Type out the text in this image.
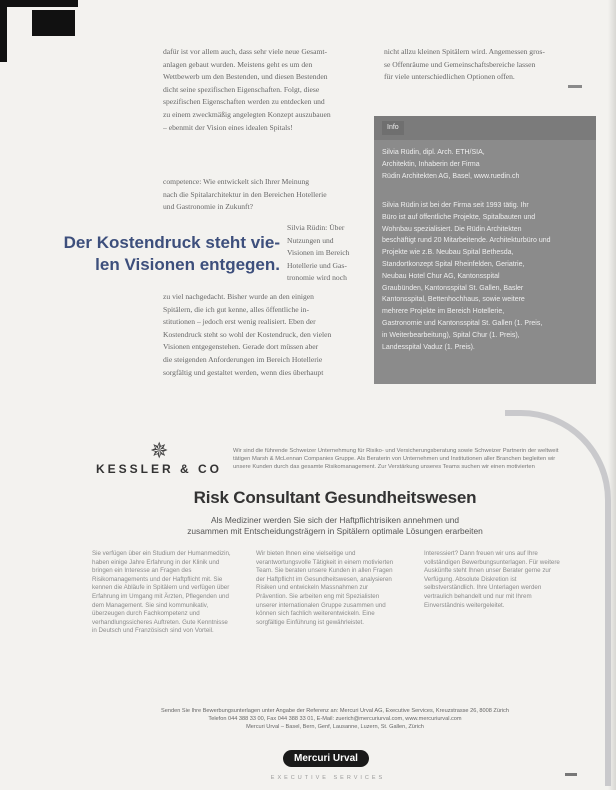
dafür ist vor allem auch, dass sehr viele neue Gesamt-
anlagen gebaut wurden. Meistens geht es um den
Wettbewerb um den Bestenden, und diesen Bestenden
dicht seine spezifischen Eigenschaften. Folgt, diese
spezifischen Eigenschaften werden zu entdecken und
zu einem zweckmäßig angelegten Konzept auszubauen
– ebenmit der Vision eines idealen Spitals!
competence: Wie entwickelt sich Ihrer Meinung
nach die Spitalarchitektur in den Bereichen Hotellerie
und Gastronomie in Zukunft?
Der Kostendruck steht vie-
len Visionen entgegen.
Silvia Rüdin: Über
Nutzungen und
Visionen im Bereich
Hotellerie und Gas-
tronomie wird noch
zu viel nachgedacht. Bisher wurde an den einigen
Spitälern, die ich gut kenne, alles öffentliche in-
stitutionen – jedoch erst wenig realisiert. Eben der
Kostendruck steht so wohl der Kostendruck, den vielen
Visionen entgegenstehen. Gerade dort müssen aber
die steigenden Anforderungen im Bereich Hotellerie
sorgfältig und gestaltet werden, wenn dies überhaupt
nicht allzu kleinen Spitälern wird. Angemessen gros-
se Offenräume und Gemeinschaftsbereiche lassen
für viele unterschiedlichen Optionen offen.
Info

Silvia Rüdin, dipl. Arch. ETH/SIA,
Architektin, Inhaberin der Firma
Rüdin Architekten AG, Basel, www.ruedin.ch

Silvia Rüdin ist bei der Firma seit 1993 tätig. Ihr
Büro ist auf öffentliche Projekte, Spitalbauten und
Wohnbau spezialisiert. Die Rüdin Architekten
beschäftigt rund 20 Mitarbeitende. Architekturbüro und
Projekte wie z.B. Neubau Spital Bethesda,
Standortkonzept Spital Rheinfelden, Geriatrie,
Neubau Hotel Chur AG, Kantonsspital
Graubünden, Kantonsspital St. Gallen, Basler
Kantonsspital, Bettenhochhaus, sowie weitere
mehrere Projekte im Bereich Hotellerie,
Gastronomie und Kantonsspital St. Gallen (1. Preis,
in Weiterbearbeitung), Spital Chur (1. Preis),
Landesspital Vaduz (1. Preis).

✵
KESSLER & CO
Wir sind die führende Schweizer Unternehmung für Risiko- und Versicherungsberatung sowie Schweizer Partnerin der weltweit tätigen Marsh & McLennan Companies Gruppe. Als Beraterin von Unternehmen und Institutionen aller Branchen begleiten wir unsere Kunden durch das gesamte Risikomanagement. Zur Verstärkung unseres Teams suchen wir einen motivierten
Risk Consultant Gesundheitswesen
Als Mediziner werden Sie sich der Haftpflichtrisiken annehmen und
zusammen mit Entscheidungsträgern in Spitälern optimale Lösungen erarbeiten
Sie verfügen über ein Studium der Humanmedizin, haben einige Jahre Erfahrung in der Klinik und bringen ein Interesse an Fragen des Risikomanagements und der Haftpflicht mit. Sie kennen die Abläufe in Spitälern und verfügen über Erfahrung im Umgang mit Ärzten, Pflegenden und dem Management. Sie sind kommunikativ, überzeugen durch Fachkompetenz und verhandlungssicheres Auftreten. Gute Kenntnisse in Deutsch und Französisch sind von Vorteil.
Wir bieten Ihnen eine vielseitige und verantwortungsvolle Tätigkeit in einem motivierten Team. Sie beraten unsere Kunden in allen Fragen der Haftpflicht im Gesundheitswesen, analysieren Risiken und entwickeln Massnahmen zur Prävention. Sie arbeiten eng mit Spezialisten unserer internationalen Gruppe zusammen und können sich fachlich weiterentwickeln. Eine sorgfältige Einführung ist gewährleistet.
Interessiert? Dann freuen wir uns auf Ihre vollständigen Bewerbungsunterlagen. Für weitere Auskünfte steht Ihnen unser Berater gerne zur Verfügung. Absolute Diskretion ist selbstverständlich. Ihre Unterlagen werden vertraulich behandelt und nur mit Ihrem Einverständnis weitergeleitet.
Senden Sie Ihre Bewerbungsunterlagen unter Angabe der Referenz an: Mercuri Urval AG, Executive Services, Kreuzstrasse 26, 8008 Zürich
Telefon 044 388 33 00, Fax 044 388 33 01, E-Mail: zuerich@mercuriurval.com, www.mercuriurval.com
Mercuri Urval – Basel, Bern, Genf, Lausanne, Luzern, St. Gallen, Zürich
Mercuri Urval
EXECUTIVE SERVICES
